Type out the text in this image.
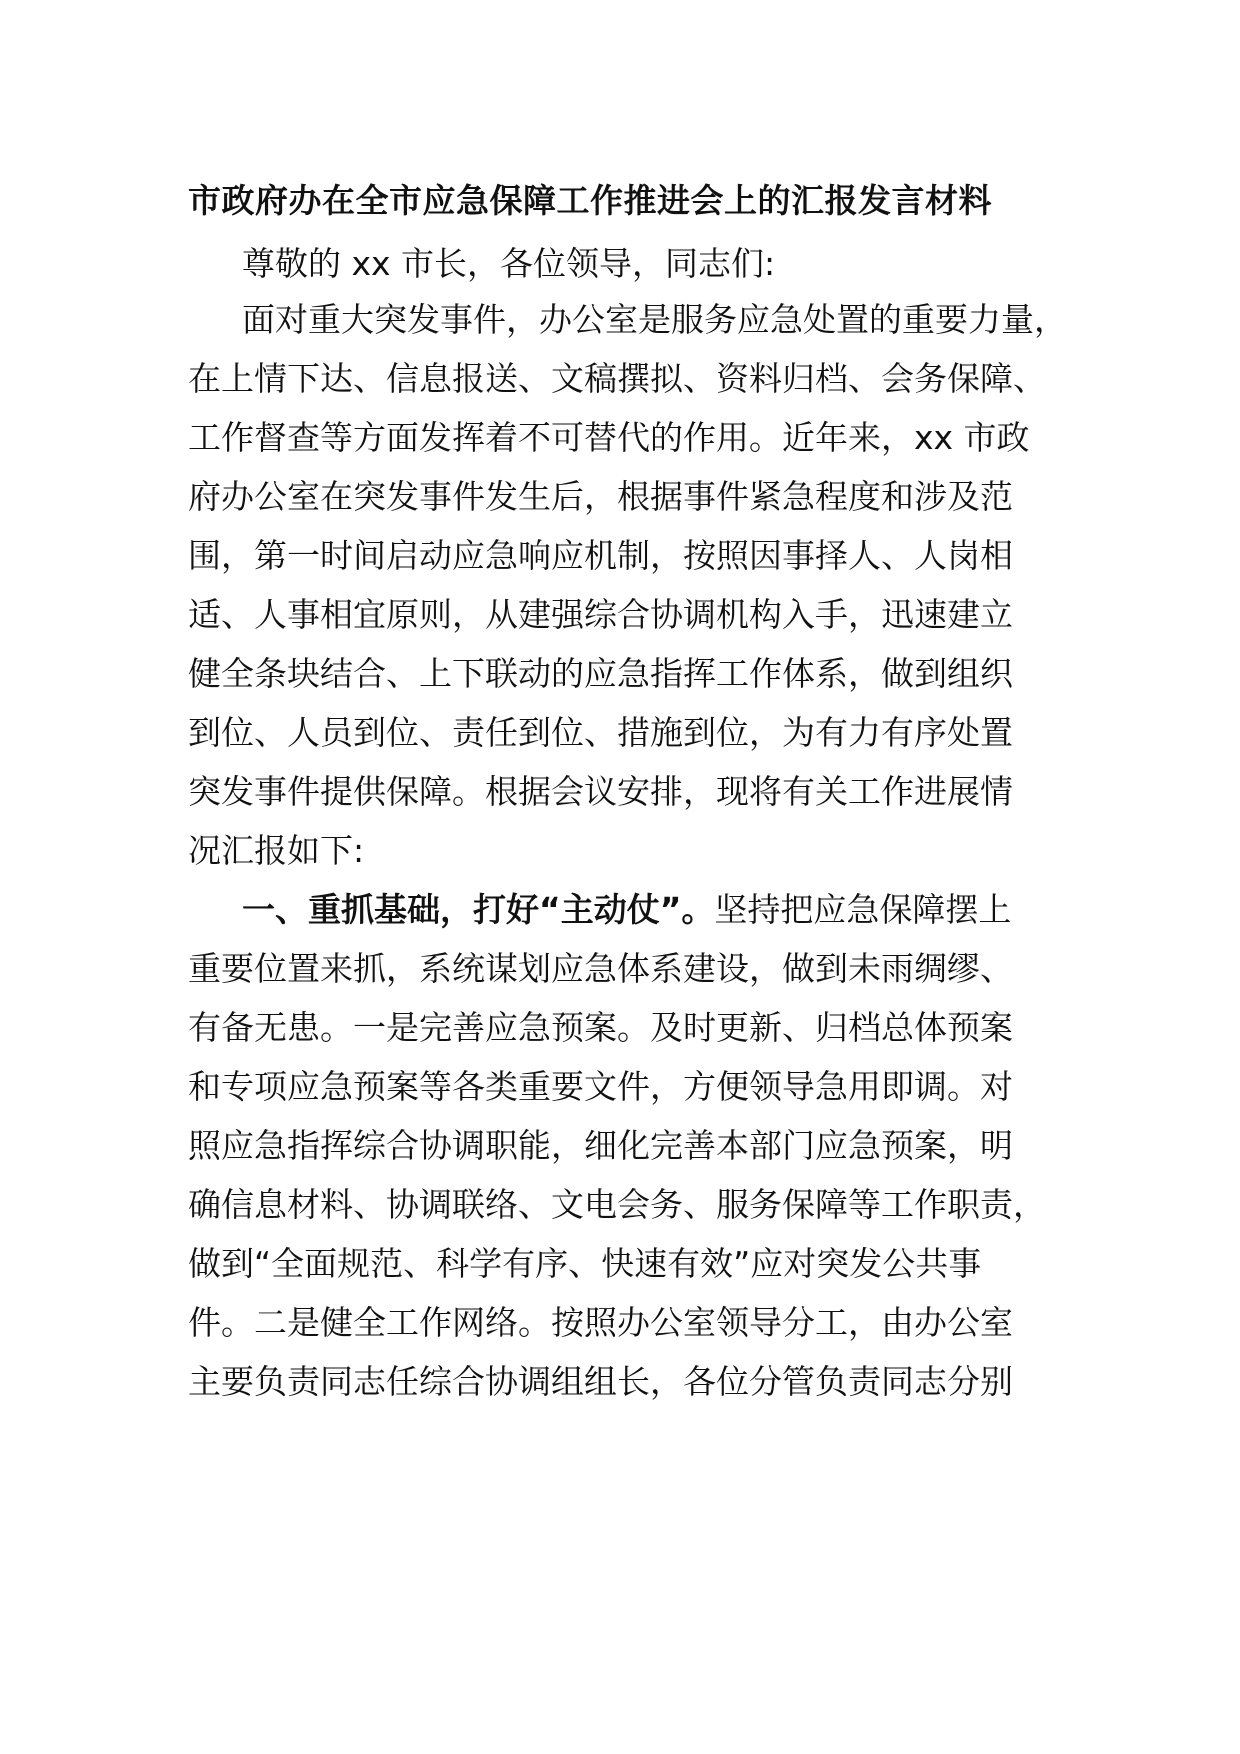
市政府办在全市应急保障工作推进会上的汇报发言材料

尊敬的 xx 市长，各位领导，同志们:

面对重大突发事件，办公室是服务应急处置的重要力量，

在上情下达、信息报送、文稿撰拟、资料归档、会务保障、

工作督查等方面发挥着不可替代的作用。近年来，xx 市政

府办公室在突发事件发生后，根据事件紧急程度和涉及范

围，第一时间启动应急响应机制，按照因事择人、人岗相

适、人事相宜原则，从建强综合协调机构入手，迅速建立

健全条块结合、上下联动的应急指挥工作体系，做到组织

到位、人员到位、责任到位、措施到位，为有力有序处置

突发事件提供保障。根据会议安排，现将有关工作进展情

况汇报如下:

一、重抓基础，打好“主动仗”。坚持把应急保障摆上

重要位置来抓，系统谋划应急体系建设，做到未雨绸缪、

有备无患。一是完善应急预案。及时更新、归档总体预案

和专项应急预案等各类重要文件，方便领导急用即调。对

照应急指挥综合协调职能，细化完善本部门应急预案，明

确信息材料、协调联络、文电会务、服务保障等工作职责，

做到“全面规范、科学有序、快速有效”应对突发公共事

件。二是健全工作网络。按照办公室领导分工，由办公室

主要负责同志任综合协调组组长，各位分管负责同志分别
